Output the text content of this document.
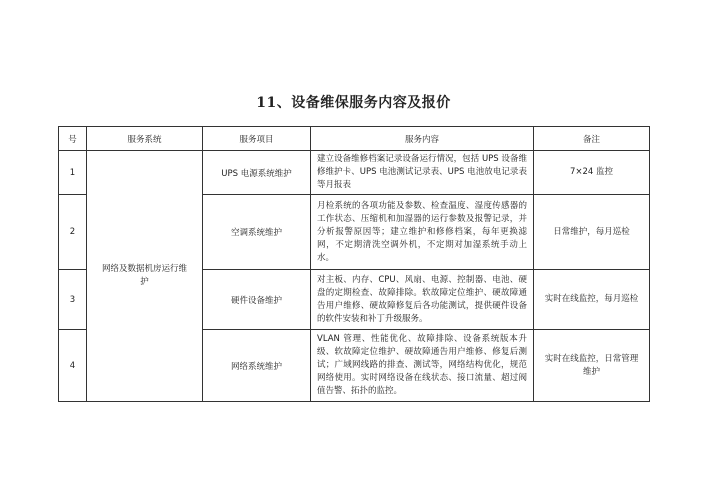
11、设备维保服务内容及报价
号	服务系统	服务项目	服务内容	备注
1	网络及数据机房运行维护	UPS 电源系统维护	建立设备维修档案记录设备运行情况，包括 UPS 设备维修维护卡、UPS 电池测试记录表、UPS 电池放电记录表等月报表	7×24 监控
2		空调系统维护	月检系统的各项功能及参数、检查温度、湿度传感器的工作状态、压缩机和加湿器的运行参数及报警记录，并分析报警原因等；建立维护和修修档案，每年更换滤网，不定期清洗空调外机，不定期对加湿系统手动上水。	日常维护，每月巡检
3		硬件设备维护	对主板、内存、CPU、风扇、电源、控制器、电池、硬盘的定期检查、故障排除。软故障定位维护、硬故障通告用户维修、硬故障修复后各功能测试，提供硬件设备的软件安装和补丁升级服务。	实时在线监控，每月巡检
4		网络系统维护	VLAN 管理、性能优化、故障排除、设备系统版本升级、软故障定位维护、硬故障通告用户维修、修复后测试；广域网线路的排查、测试等，网络结构优化，规范网络使用。实时网络设备在线状态、接口流量、超过阀值告警、拓扑的监控。	实时在线监控，日常管理维护
